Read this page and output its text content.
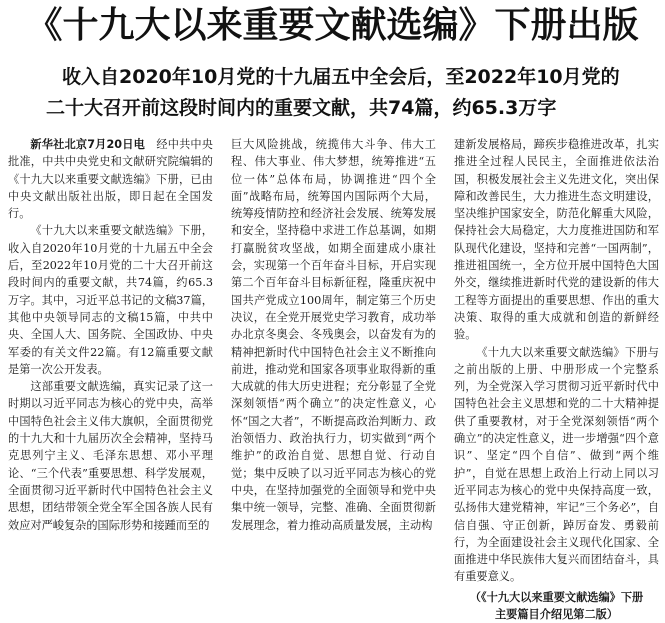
《十九大以来重要文献选编》下册出版
收入自2020年10月党的十九届五中全会后，至2022年10月党的
二十大召开前这段时间内的重要文献，共74篇，约65.3万字

新华社北京7月20日电  经中共中央批准，中共中央党史和文献研究院编辑的《十九大以来重要文献选编》下册，已由中央文献出版社出版，即日起在全国发行。

《十九大以来重要文献选编》下册，收入自2020年10月党的十九届五中全会后，至2022年10月党的二十大召开前这段时间内的重要文献，共74篇，约65.3万字。其中，习近平总书记的文稿37篇，其他中央领导同志的文稿15篇，中共中央、全国人大、国务院、全国政协、中央军委的有关文件22篇。有12篇重要文献是第一次公开发表。

这部重要文献选编，真实记录了这一时期以习近平同志为核心的党中央，高举中国特色社会主义伟大旗帜，全面贯彻党的十九大和十九届历次全会精神，坚持马克思列宁主义、毛泽东思想、邓小平理论、“三个代表”重要思想、科学发展观，全面贯彻习近平新时代中国特色社会主义思想，团结带领全党全军全国各族人民有效应对严峻复杂的国际形势和接踵而至的

巨大风险挑战，统揽伟大斗争、伟大工程、伟大事业、伟大梦想，统筹推进“五位一体”总体布局，协调推进“四个全面”战略布局，统筹国内国际两个大局，统筹疫情防控和经济社会发展、统筹发展和安全，坚持稳中求进工作总基调，如期打赢脱贫攻坚战，如期全面建成小康社会，实现第一个百年奋斗目标，开启实现第二个百年奋斗目标新征程，隆重庆祝中国共产党成立100周年，制定第三个历史决议，在全党开展党史学习教育，成功举办北京冬奥会、冬残奥会，以奋发有为的精神把新时代中国特色社会主义不断推向前进，推动党和国家各项事业取得新的重大成就的伟大历史进程；充分彰显了全党深刻领悟“两个确立”的决定性意义，心怀“国之大者”，不断提高政治判断力、政治领悟力、政治执行力，切实做到“两个维护”的政治自觉、思想自觉、行动自觉；集中反映了以习近平同志为核心的党中央，在坚持加强党的全面领导和党中央集中统一领导，完整、准确、全面贯彻新发展理念，着力推动高质量发展，主动构

建新发展格局，蹄疾步稳推进改革，扎实推进全过程人民民主，全面推进依法治国，积极发展社会主义先进文化，突出保障和改善民生，大力推进生态文明建设，坚决维护国家安全，防范化解重大风险，保持社会大局稳定，大力度推进国防和军队现代化建设，坚持和完善“一国两制”，推进祖国统一，全方位开展中国特色大国外交，继续推进新时代党的建设新的伟大工程等方面提出的重要思想、作出的重大决策、取得的重大成就和创造的新鲜经验。

《十九大以来重要文献选编》下册与之前出版的上册、中册形成一个完整系列，为全党深入学习贯彻习近平新时代中国特色社会主义思想和党的二十大精神提供了重要教材，对于全党深刻领悟“两个确立”的决定性意义，进一步增强“四个意识”、坚定“四个自信”、做到“两个维护”，自觉在思想上政治上行动上同以习近平同志为核心的党中央保持高度一致，弘扬伟大建党精神，牢记“三个务必”，自信自强、守正创新，踔厉奋发、勇毅前行，为全面建设社会主义现代化国家、全面推进中华民族伟大复兴而团结奋斗，具有重要意义。

（《十九大以来重要文献选编》下册
主要篇目介绍见第二版）
